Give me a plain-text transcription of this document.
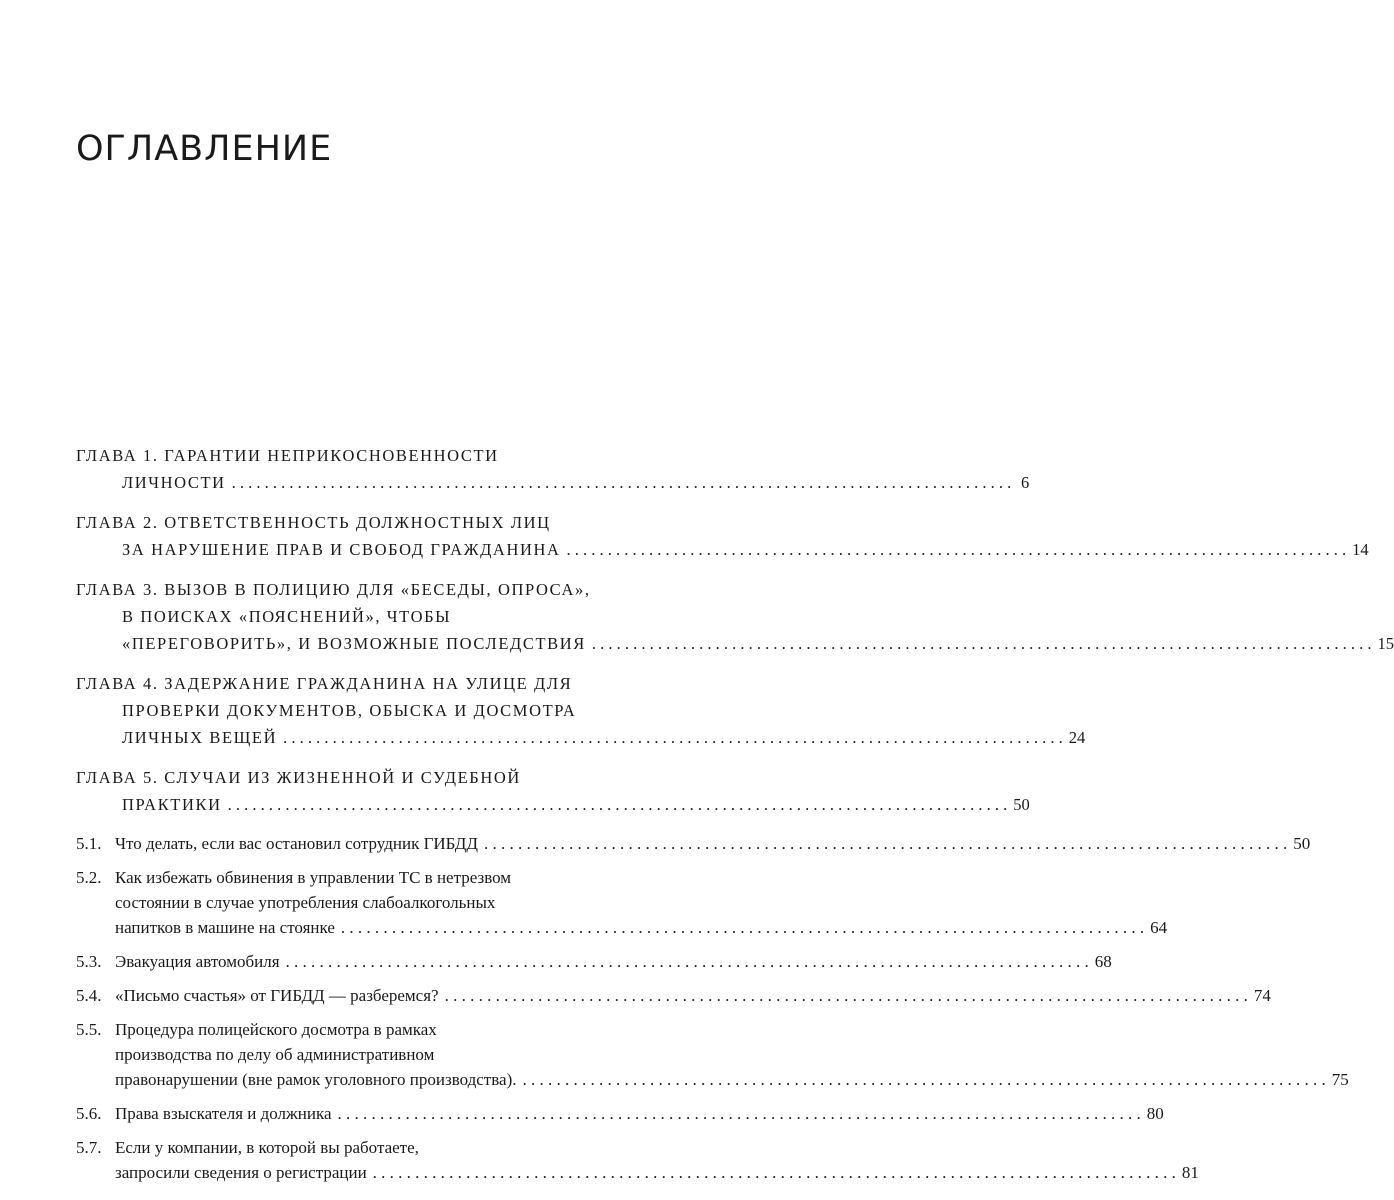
ОГЛАВЛЕНИЕ
ГЛАВА 1. ГАРАНТИИ НЕПРИКОСНОВЕННОСТИ
ЛИЧНОСТИ . . .	6
ГЛАВА 2. ОТВЕТСТВЕННОСТЬ ДОЛЖНОСТНЫХ ЛИЦ
ЗА НАРУШЕНИЕ ПРАВ И СВОБОД ГРАЖДАНИНА . . .	14
ГЛАВА 3. ВЫЗОВ В ПОЛИЦИЮ ДЛЯ «БЕСЕДЫ, ОПРОСА»,
В ПОИСКАХ «ПОЯСНЕНИЙ», ЧТОБЫ
«ПЕРЕГОВОРИТЬ», И ВОЗМОЖНЫЕ ПОСЛЕДСТВИЯ . . .	15
ГЛАВА 4. ЗАДЕРЖАНИЕ ГРАЖДАНИНА НА УЛИЦЕ ДЛЯ
ПРОВЕРКИ ДОКУМЕНТОВ, ОБЫСКА И ДОСМОТРА
ЛИЧНЫХ ВЕЩЕЙ . . .	24
ГЛАВА 5. СЛУЧАИ ИЗ ЖИЗНЕННОЙ И СУДЕБНОЙ
ПРАКТИКИ . . .	50
5.1. Что делать, если вас остановил сотрудник ГИБДД . . .	50
5.2. Как избежать обвинения в управлении ТС в нетрезвом
состоянии в случае употребления слабоалкогольных
напитков в машине на стоянке . . .	64
5.3. Эвакуация автомобиля . . .	68
5.4. «Письмо счастья» от ГИБДД — разберемся? . . .	74
5.5. Процедура полицейского досмотра в рамках
производства по делу об административном
правонарушении (вне рамок уголовного производства). . . .	75
5.6. Права взыскателя и должника . . .	80
5.7. Если у компании, в которой вы работаете,
запросили сведения о регистрации . . .	81
